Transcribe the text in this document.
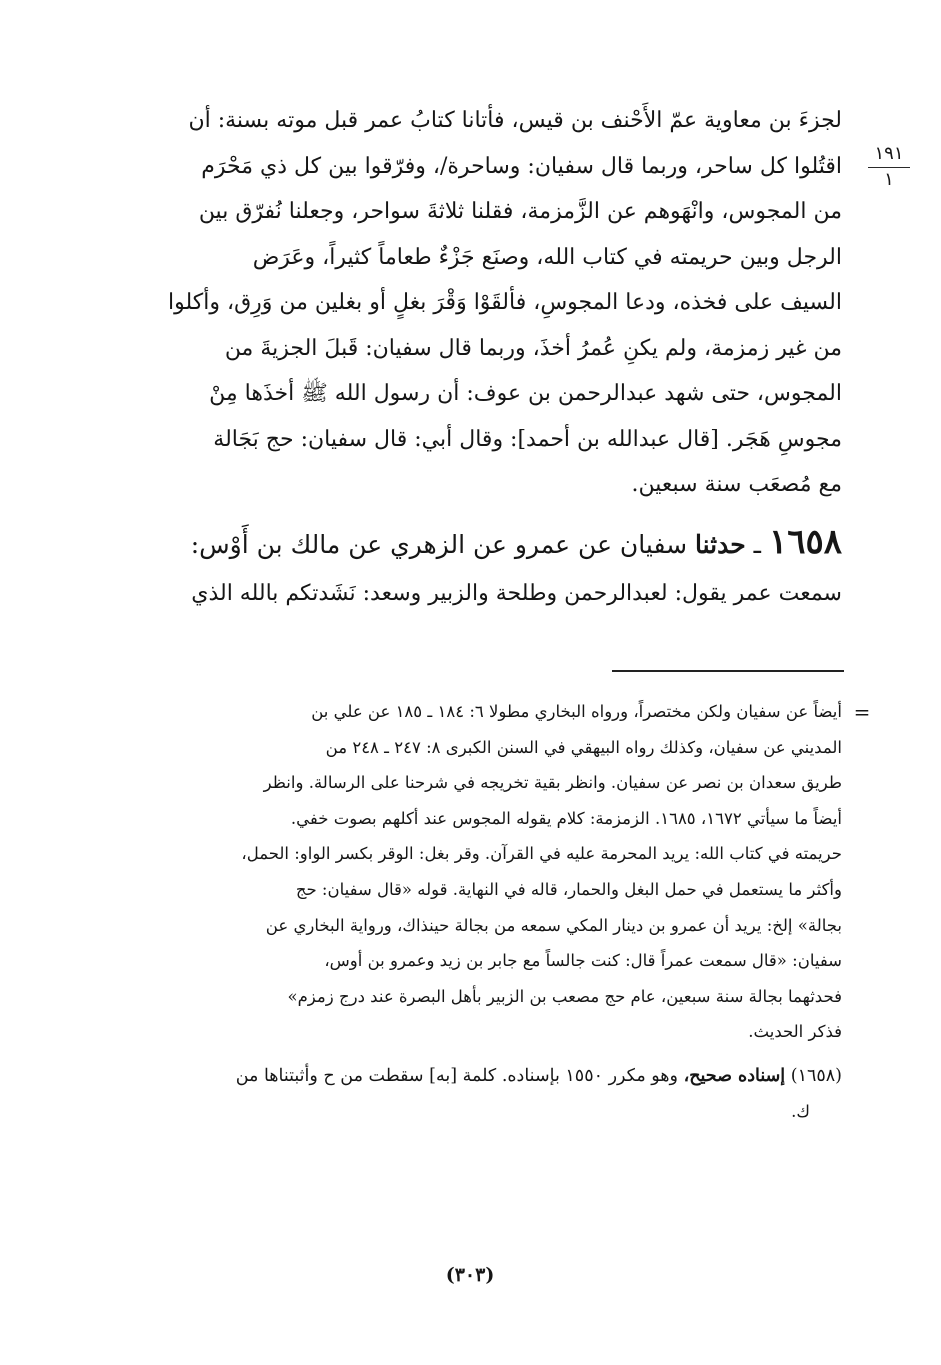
١٩١
١
لجزءَ بن معاوية عمّ الأَحْنف بن قيس، فأتانا كتابُ عمر قبل موته بسنة: أن
اقتُلوا كل ساحر، وربما قال سفيان: وساحرة/، وفرّقوا بين كل ذي مَحْرَم
من المجوس، وانْهَوهم عن الزَّمزمة، فقلنا ثلاثةَ سواحر، وجعلنا نُفرّق بين
الرجل وبين حريمته في كتاب الله، وصنَع جَزْءٌ طعاماً كثيراً، وعَرَض
السيف على فخذه، ودعا المجوسِ، فألقَوْا وَقْرَ بغلٍ أو بغلين من وَرِق، وأكلوا
من غير زمزمة، ولم يكنِ عُمرُ أخذَ، وربما قال سفيان: قَبلَ الجزيةَ من
المجوس، حتى شهد عبدالرحمن بن عوف: أن رسول الله ﷺ أخذَها مِنْ
مجوسِ هَجَر. [قال عبدالله بن أحمد]: وقال أبي: قال سفيان: حج بَجَالة
مع مُصعَب سنة سبعين.
١٦٥٨ ـ حدثنا سفيان عن عمرو عن الزهري عن مالك بن أَوْس:
سمعت عمر يقول: لعبدالرحمن وطلحة والزبير وسعد: نَشَدتكم بالله الذي
=
أيضاً عن سفيان ولكن مختصراً، ورواه البخاري مطولا ٦: ١٨٤ ـ ١٨٥ عن علي بن
المديني عن سفيان، وكذلك رواه البيهقي في السنن الكبرى ٨: ٢٤٧ ـ ٢٤٨ من
طريق سعدان بن نصر عن سفيان. وانظر بقية تخريجه في شرحنا على الرسالة. وانظر
أيضاً ما سيأتي ١٦٧٢، ١٦٨٥. الزمزمة: كلام يقوله المجوس عند أكلهم بصوت خفي.
حريمته في كتاب الله: يريد المحرمة عليه في القرآن. وقر بغل: الوقر بكسر الواو: الحمل،
وأكثر ما يستعمل في حمل البغل والحمار، قاله في النهاية. قوله «قال سفيان: حج
بجالة» إلخ: يريد أن عمرو بن دينار المكي سمعه من بجالة حينذاك، ورواية البخاري عن
سفيان: «قال سمعت عمراً قال: كنت جالساً مع جابر بن زيد وعمرو بن أوس،
فحدثهما بجالة سنة سبعين، عام حج مصعب بن الزبير بأهل البصرة عند درج زمزم»
فذكر الحديث.
(١٦٥٨) إسناده صحيح، وهو مكرر ١٥٥٠ بإسناده. كلمة [به] سقطت من ح وأثبتناها من
ك.
(٣٠٣)
